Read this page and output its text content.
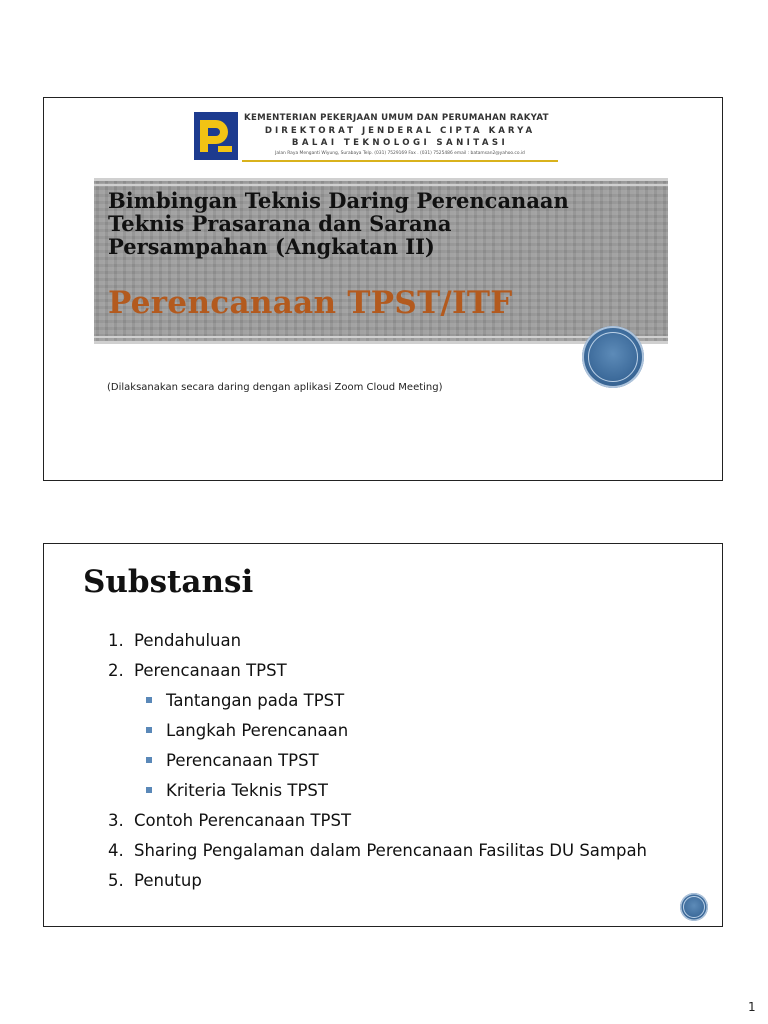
KEMENTERIAN PEKERJAAN UMUM DAN PERUMAHAN RAKYAT
DIREKTORAT JENDERAL CIPTA KARYA
BALAI TEKNOLOGI SANITASI
Jalan Raya Menganti Wiyung, Surabaya Telp. (031) 7529169 Fax . (031) 7525486 email : batamsan2@yahoo.co.id
Bimbingan Teknis Daring Perencanaan
Teknis Prasarana dan Sarana
Persampahan (Angkatan II)
Perencanaan TPST/ITF
(Dilaksanakan secara daring dengan aplikasi Zoom Cloud Meeting)
Substansi
1. Pendahuluan
2. Perencanaan TPST
Tantangan pada TPST
Langkah Perencanaan
Perencanaan TPST
Kriteria Teknis TPST
3. Contoh Perencanaan TPST
4. Sharing Pengalaman dalam Perencanaan Fasilitas DU Sampah
5. Penutup
1
